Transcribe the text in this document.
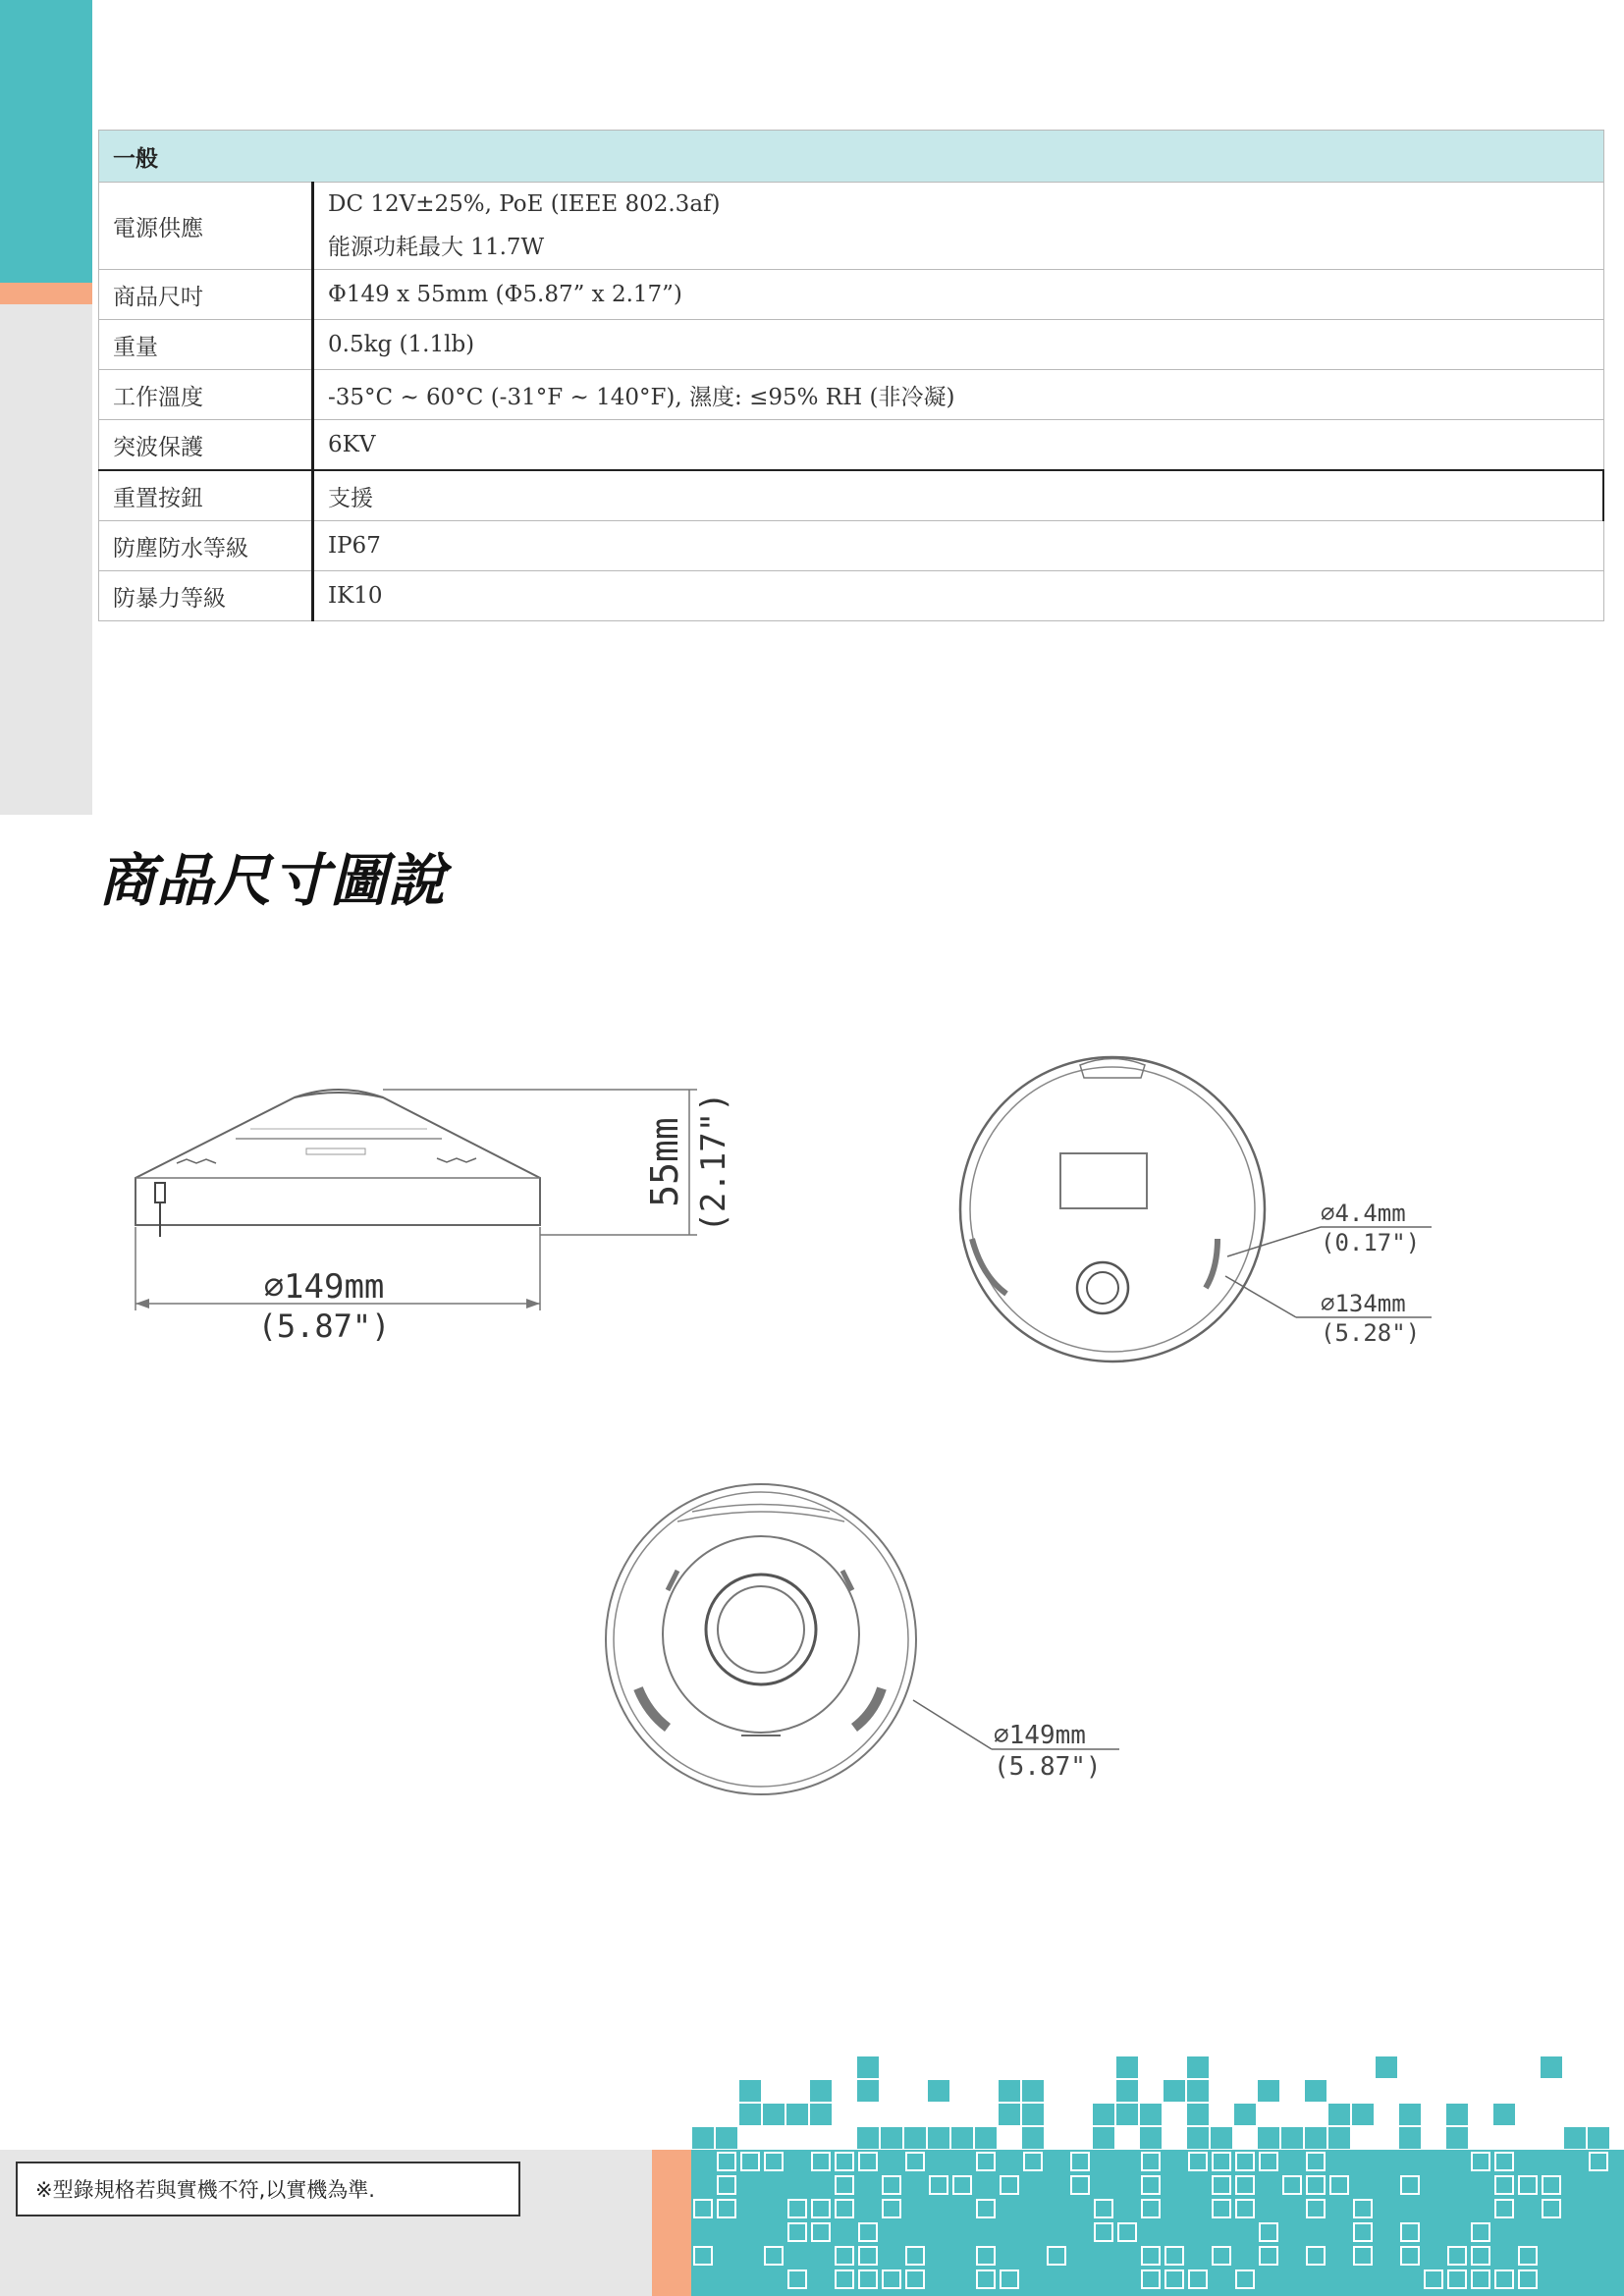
一般	
電源供應	DC 12V±25%, PoE (IEEE 802.3af)
能源功耗最大 11.7W

商品尺吋	Φ149 x 55mm (Φ5.87” x 2.17”)
重量	0.5kg (1.1lb)
工作溫度	-35°C ~ 60°C (-31°F ~ 140°F), 濕度: ≤95% RH (非冷凝)
突波保護	6KV
重置按鈕	支援
防塵防水等級	IP67
防暴力等級	IK10
商品尺寸圖說
55mm (2.17")
∅149mm
(5.87")
∅4.4mm
(0.17")
∅134mm
(5.28")
∅149mm
(5.87")
※型錄規格若與實機不符,以實機為準.
